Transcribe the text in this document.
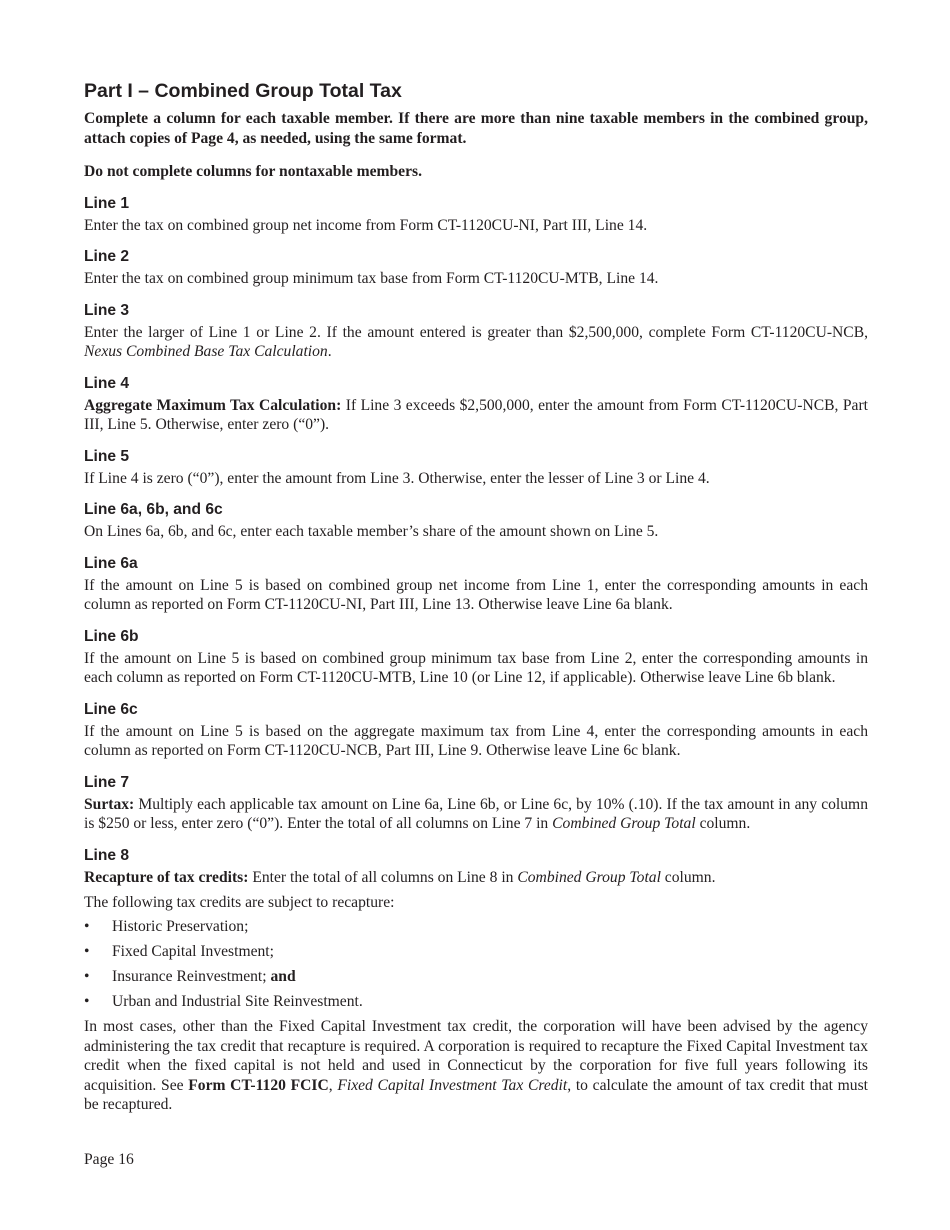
Part I – Combined Group Total Tax

Complete a column for each taxable member. If there are more than nine taxable members in the combined group, attach copies of Page 4, as needed, using the same format.

Do not complete columns for nontaxable members.

Line 1

Enter the tax on combined group net income from Form CT-1120CU-NI, Part III, Line 14.

Line 2

Enter the tax on combined group minimum tax base from Form CT-1120CU-MTB, Line 14.

Line 3

Enter the larger of Line 1 or Line 2. If the amount entered is greater than $2,500,000, complete Form CT-1120CU-NCB, Nexus Combined Base Tax Calculation.

Line 4

Aggregate Maximum Tax Calculation: If Line 3 exceeds $2,500,000, enter the amount from Form CT-1120CU-NCB, Part III, Line 5. Otherwise, enter zero (“0”).

Line 5

If Line 4 is zero (“0”), enter the amount from Line 3. Otherwise, enter the lesser of Line 3 or Line 4.

Line 6a, 6b, and 6c

On Lines 6a, 6b, and 6c, enter each taxable member’s share of the amount shown on Line 5.

Line 6a

If the amount on Line 5 is based on combined group net income from Line 1, enter the corresponding amounts in each column as reported on Form CT-1120CU-NI, Part III, Line 13. Otherwise leave Line 6a blank.

Line 6b

If the amount on Line 5 is based on combined group minimum tax base from Line 2, enter the corresponding amounts in each column as reported on Form CT-1120CU-MTB, Line 10 (or Line 12, if applicable). Otherwise leave Line 6b blank.

Line 6c

If the amount on Line 5 is based on the aggregate maximum tax from Line 4, enter the corresponding amounts in each column as reported on Form CT-1120CU-NCB, Part III, Line 9. Otherwise leave Line 6c blank.

Line 7

Surtax: Multiply each applicable tax amount on Line 6a, Line 6b, or Line 6c, by 10% (.10). If the tax amount in any column is $250 or less, enter zero (“0”). Enter the total of all columns on Line 7 in Combined Group Total column.

Line 8

Recapture of tax credits: Enter the total of all columns on Line 8 in Combined Group Total column.

The following tax credits are subject to recapture:

• Historic Preservation;
• Fixed Capital Investment;
• Insurance Reinvestment; and
• Urban and Industrial Site Reinvestment.

In most cases, other than the Fixed Capital Investment tax credit, the corporation will have been advised by the agency administering the tax credit that recapture is required. A corporation is required to recapture the Fixed Capital Investment tax credit when the fixed capital is not held and used in Connecticut by the corporation for five full years following its acquisition. See Form CT-1120 FCIC, Fixed Capital Investment Tax Credit, to calculate the amount of tax credit that must be recaptured.

Page 16
